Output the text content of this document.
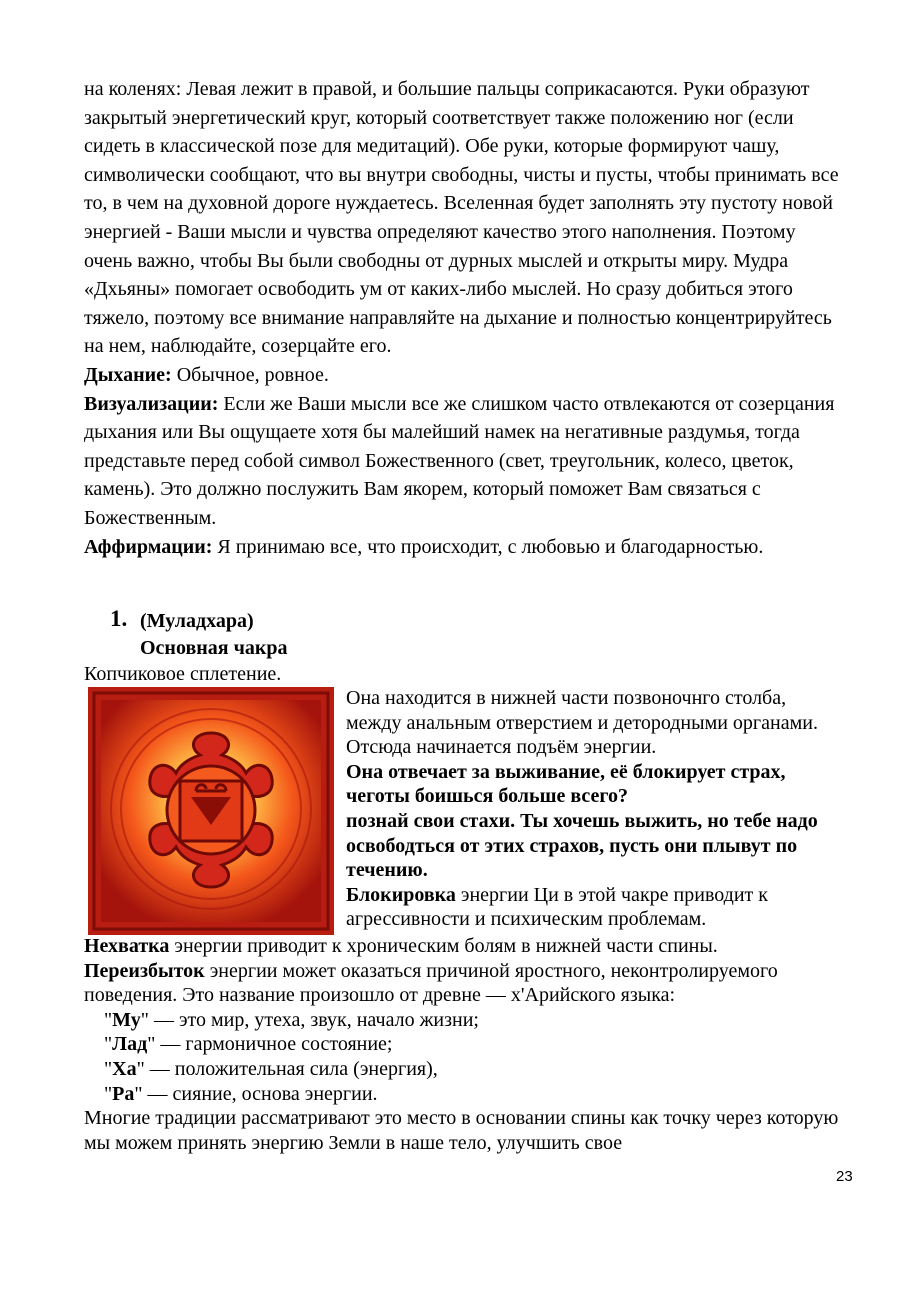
на коленях: Левая лежит в правой, и большие пальцы соприкасаются. Руки образуют закрытый энергетический круг, который соответствует также положению ног (если сидеть в классической позе для медитаций). Обе руки, которые формируют чашу, символически сообщают, что вы внутри свободны, чисты и пусты, чтобы принимать все то, в чем на духовной дороге нуждаетесь. Вселенная будет заполнять эту пустоту новой энергией - Ваши мысли и чувства определяют качество этого наполнения. Поэтому очень важно, чтобы Вы были свободны от дурных мыслей и открыты миру. Мудра «Дхьяны» помогает освободить ум от каких-либо мыслей. Но сразу добиться этого тяжело, поэтому все внимание направляйте на дыхание и полностью концентрируйтесь на нем, наблюдайте, созерцайте его.

Дыхание: Обычное, ровное.

Визуализации: Если же Ваши мысли все же слишком часто отвлекаются от созерцания дыхания или Вы ощущаете хотя бы малейший намек на негативные раздумья, тогда представьте перед собой символ Божественного (свет, треугольник, колесо, цветок, камень). Это должно послужить Вам якорем, который поможет Вам связаться с Божественным.

Аффирмации: Я принимаю все, что происходит, с любовью и благодарностью.

1. (Муладхара)
Основная чакра
Копчиковое сплетение.
Она находится в нижней части позвоночнго столба, между анальным отверстием и детородными органами. Отсюда начинается подъём энергии.
Она отвечает за выживание, её блокирует страх, чеготы боишься больше всего?
познай свои стахи. Ты хочешь выжить, но тебе надо освободться от этих страхов, пусть они плывут по течению.
Блокировка энергии Ци в этой чакре приводит к агрессивности и психическим проблемам.
Нехватка энергии приводит к хроническим болям в нижней части спины.
Переизбыток энергии может оказаться причиной яростного, неконтролируемого поведения. Это название произошло от древне — х'Арийского языка:
"Му" — это мир, утеха, звук, начало жизни;
"Лад" — гармоничное состояние;
"Ха" — положительная сила (энергия),
"Ра" — сияние, основа энергии.
Многие традиции рассматривают это место в основании спины как точку через которую мы можем принять энергию Земли в наше тело, улучшить свое
23
